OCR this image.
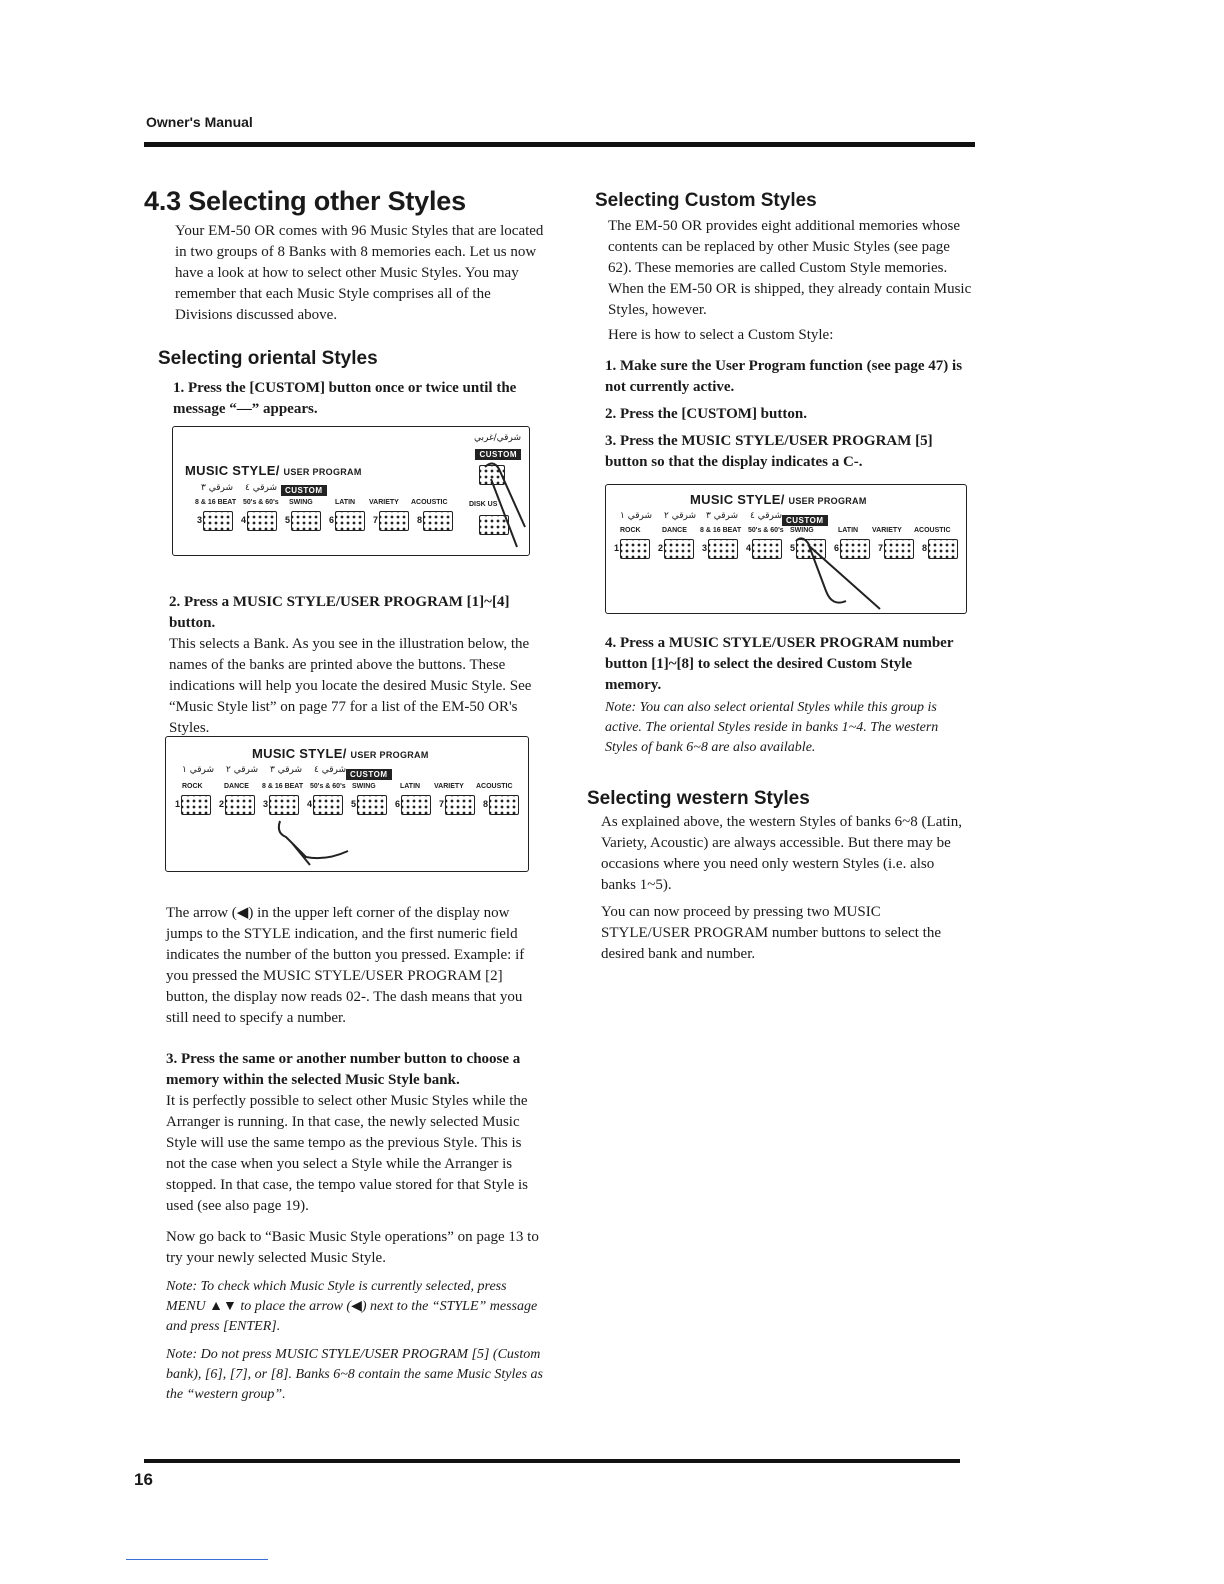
Owner's Manual
4.3 Selecting other Styles

Your EM-50 OR comes with 96 Music Styles that are located in two groups of 8 Banks with 8 memories each. Let us now have a look at how to select other Music Styles. You may remember that each Music Style comprises all of the Divisions discussed above.

Selecting oriental Styles

1. Press the [CUSTOM] button once or twice until the message “—” appears.

2. Press a MUSIC STYLE/USER PROGRAM [1]~[4] button.

This selects a Bank. As you see in the illustration below, the names of the banks are printed above the buttons. These indications will help you locate the desired Music Style. See “Music Style list” on page 77 for a list of the EM-50 OR's Styles.

The arrow (◀) in the upper left corner of the display now jumps to the STYLE indication, and the first numeric field indicates the number of the button you pressed. Example: if you pressed the MUSIC STYLE/USER PROGRAM [2] button, the display now reads 02-. The dash means that you still need to specify a number.

3. Press the same or another number button to choose a memory within the selected Music Style bank.

It is perfectly possible to select other Music Styles while the Arranger is running. In that case, the newly selected Music Style will use the same tempo as the previous Style. This is not the case when you select a Style while the Arranger is stopped. In that case, the tempo value stored for that Style is used (see also page 19).

Now go back to “Basic Music Style operations” on page 13 to try your newly selected Music Style.

Note: To check which Music Style is currently selected, press MENU ▲▼ to place the arrow (◀) next to the “STYLE” message and press [ENTER].

Note: Do not press MUSIC STYLE/USER PROGRAM [5] (Custom bank), [6], [7], or [8]. Banks 6~8 contain the same Music Styles as the “western group”.

شرقي/غربي
CUSTOM
MUSIC STYLE/ USER PROGRAM
شرقي ٣ شرقي ٤ CUSTOM
8 & 16 BEAT 50's & 60's SWING	LATIN VARIETY ACOUSTIC	DISK US
3	4	5	6	7	8
MUSIC STYLE/ USER PROGRAM
شرقي ١ شرقي ٢ شرقي ٣ شرقي ٤ CUSTOM
ROCK	DANCE 8 & 16 BEAT 50's & 60's SWING	LATIN VARIETY ACOUSTIC
1	2	3	4	5	6	7	8
Selecting Custom Styles

The EM-50 OR provides eight additional memories whose contents can be replaced by other Music Styles (see page 62). These memories are called Custom Style memories. When the EM-50 OR is shipped, they already contain Music Styles, however.

Here is how to select a Custom Style:

1. Make sure the User Program function (see page 47) is not currently active.

2. Press the [CUSTOM] button.

3. Press the MUSIC STYLE/USER PROGRAM [5] button so that the display indicates a C-.

4. Press a MUSIC STYLE/USER PROGRAM number button [1]~[8] to select the desired Custom Style memory.

Note: You can also select oriental Styles while this group is active. The oriental Styles reside in banks 1~4. The western Styles of bank 6~8 are also available.

Selecting western Styles

As explained above, the western Styles of banks 6~8 (Latin, Variety, Acoustic) are always accessible. But there may be occasions where you need only western Styles (i.e. also banks 1~5).

You can now proceed by pressing two MUSIC STYLE/USER PROGRAM number buttons to select the desired bank and number.

MUSIC STYLE/ USER PROGRAM
شرقي ١ شرقي ٢ شرقي ٣ شرقي ٤ CUSTOM
ROCK	DANCE 8 & 16 BEAT 50's & 60's SWING	LATIN VARIETY ACOUSTIC
1	2	3	4	5	6	7	8
16
